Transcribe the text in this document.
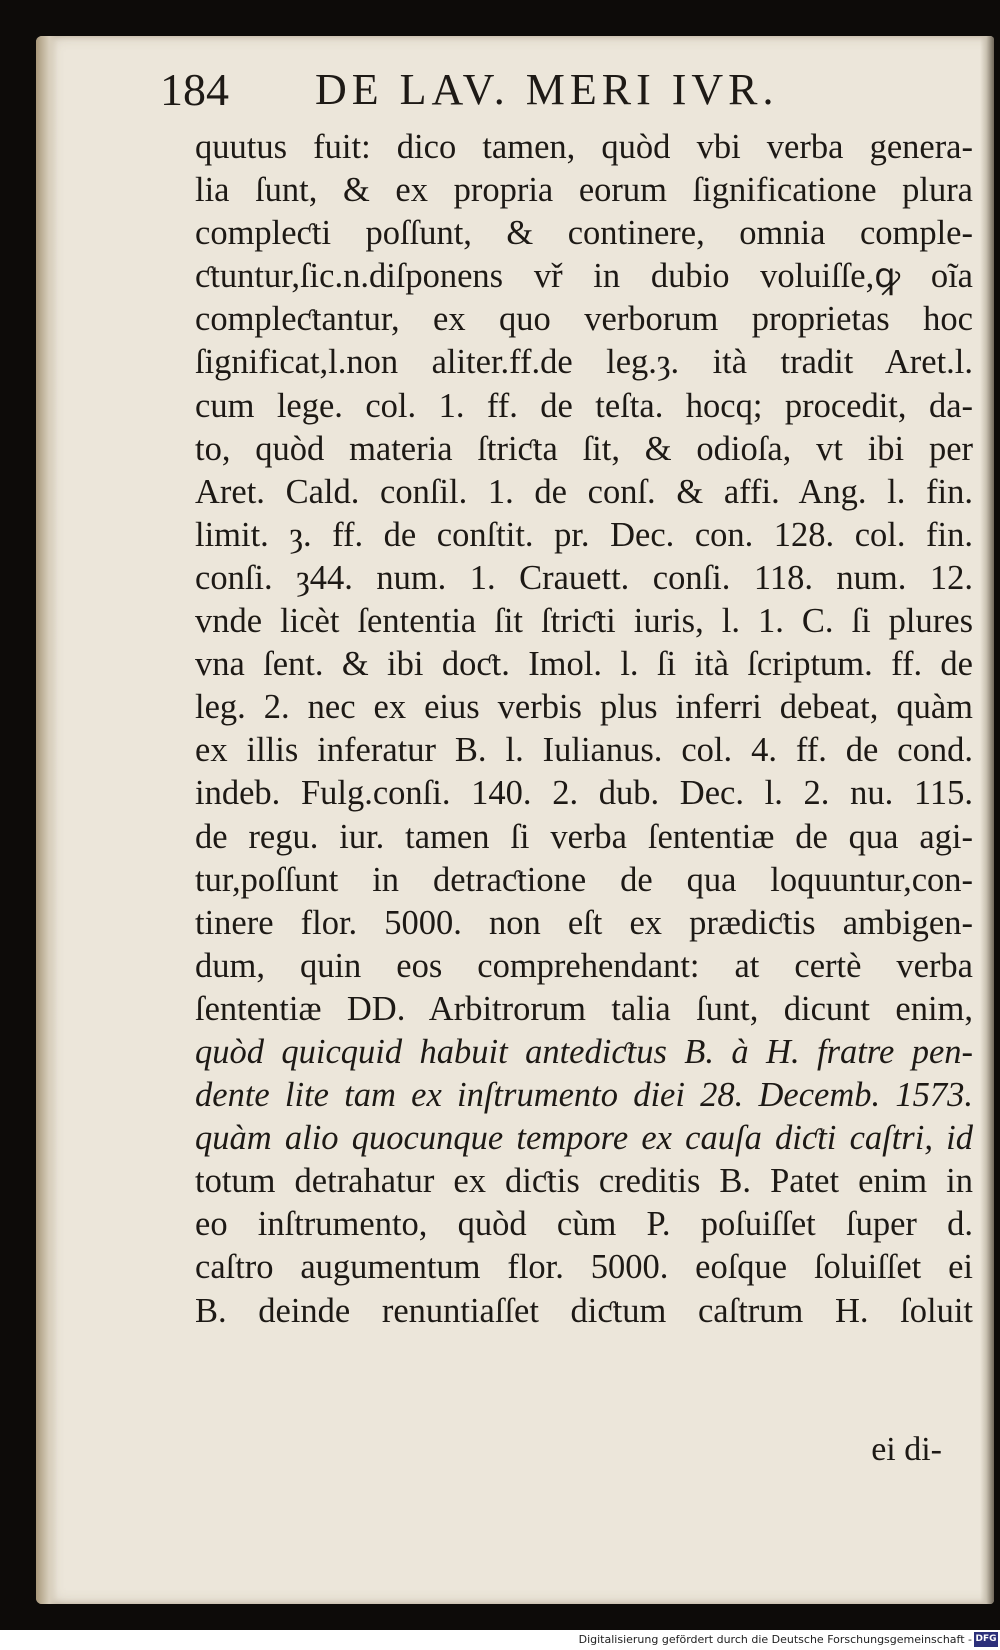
184 DE LAV. MERI IVR.
quutus fuit: dico tamen, quòd vbi verba genera-
lia ſunt, & ex propria eorum ſignificatione plura
compleƈti poſſunt, & continere, omnia comple-
ƈtuntur,ſic.n.diſponens vř in dubio voluiſſe,ꝙ oĩa
compleƈtantur, ex quo verborum proprietas hoc
ſignificat,l.non aliter.ff.de leg.ȝ. ità tradit Aret.l.
cum lege. col. 1. ff. de teſta. hocq; procedit, da-
to, quòd materia ſtriƈta ſit, & odioſa, vt ibi per
Aret. Cald. conſil. 1. de conſ. & affi. Ang. l. fin.
limit. ȝ. ff. de conſtit. pr. Dec. con. 128. col. fin.
conſi. ȝ44. num. 1. Crauett. conſi. 118. num. 12.
vnde licèt ſententia ſit ſtriƈti iuris, l. 1. C. ſi plures
vna ſent. & ibi doƈt. Imol. l. ſi ità ſcriptum. ff. de
leg. 2. nec ex eius verbis plus inferri debeat, quàm
ex illis inferatur B. l. Iulianus. col. 4. ff. de cond.
indeb. Fulg.conſi. 140. 2. dub. Dec. l. 2. nu. 115.
de regu. iur. tamen ſi verba ſententiæ de qua agi-
tur,poſſunt in detraƈtione de qua loquuntur,con-
tinere flor. 5000. non eſt ex prædiƈtis ambigen-
dum, quin eos comprehendant: at certè verba
ſententiæ DD. Arbitrorum talia ſunt, dicunt enim,
quòd quicquid habuit antediƈtus B. à H. fratre pen-
dente lite tam ex inſtrumento diei 28. Decemb. 1573.
quàm alio quocunque tempore ex cauſa diƈti caſtri, id
totum detrahatur ex diƈtis creditis B. Patet enim in
eo inſtrumento, quòd cùm P. poſuiſſet ſuper d.
caſtro augumentum flor. 5000. eoſque ſoluiſſet ei
B. deinde renuntiaſſet diƈtum caſtrum H. ſoluit
ei di-
Digitalisierung gefördert durch die Deutsche Forschungsgemeinschaft - DFG
